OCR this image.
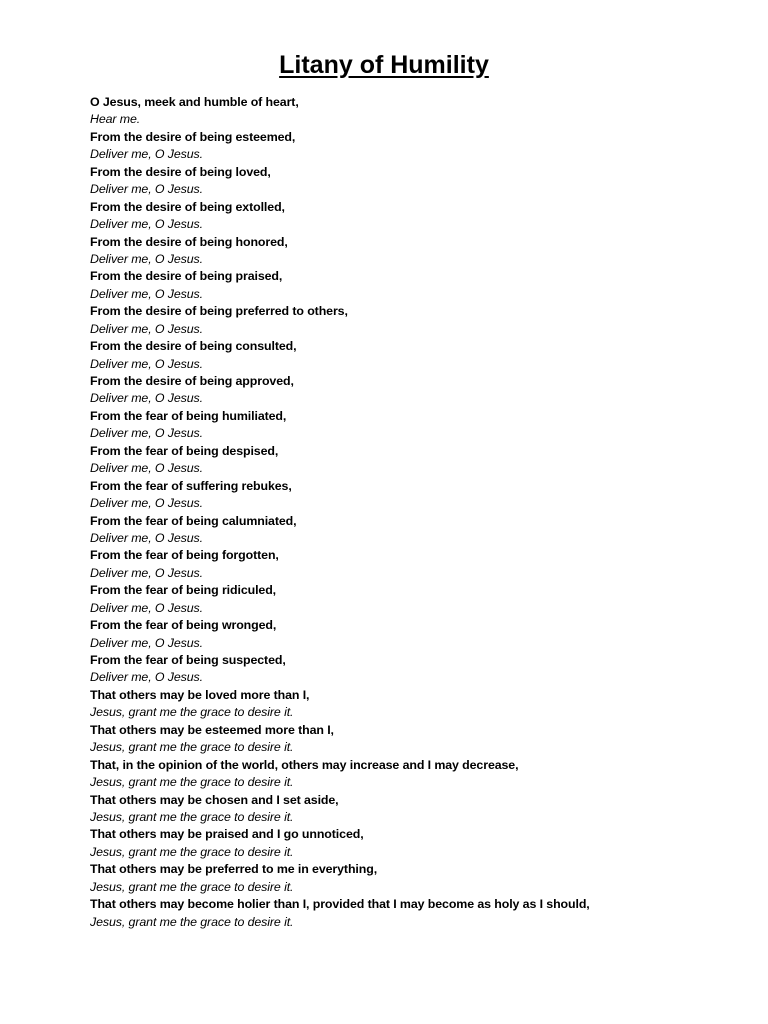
Litany of Humility
O Jesus, meek and humble of heart,
Hear me.
From the desire of being esteemed,
Deliver me, O Jesus.
From the desire of being loved,
Deliver me, O Jesus.
From the desire of being extolled,
Deliver me, O Jesus.
From the desire of being honored,
Deliver me, O Jesus.
From the desire of being praised,
Deliver me, O Jesus.
From the desire of being preferred to others,
Deliver me, O Jesus.
From the desire of being consulted,
Deliver me, O Jesus.
From the desire of being approved,
Deliver me, O Jesus.
From the fear of being humiliated,
Deliver me, O Jesus.
From the fear of being despised,
Deliver me, O Jesus.
From the fear of suffering rebukes,
Deliver me, O Jesus.
From the fear of being calumniated,
Deliver me, O Jesus.
From the fear of being forgotten,
Deliver me, O Jesus.
From the fear of being ridiculed,
Deliver me, O Jesus.
From the fear of being wronged,
Deliver me, O Jesus.
From the fear of being suspected,
Deliver me, O Jesus.
That others may be loved more than I,
Jesus, grant me the grace to desire it.
That others may be esteemed more than I,
Jesus, grant me the grace to desire it.
That, in the opinion of the world, others may increase and I may decrease,
Jesus, grant me the grace to desire it.
That others may be chosen and I set aside,
Jesus, grant me the grace to desire it.
That others may be praised and I go unnoticed,
Jesus, grant me the grace to desire it.
That others may be preferred to me in everything,
Jesus, grant me the grace to desire it.
That others may become holier than I, provided that I may become as holy as I should,
Jesus, grant me the grace to desire it.
